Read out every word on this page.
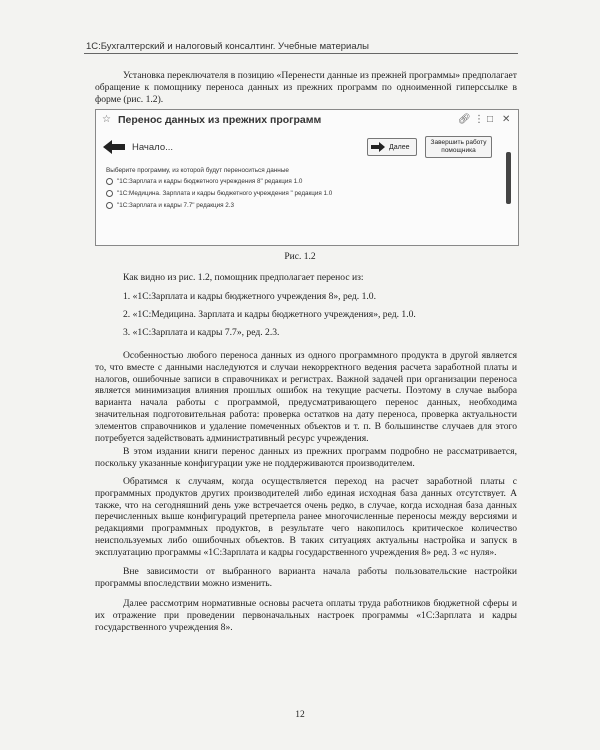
1С:Бухгалтерский и налоговый консалтинг. Учебные материалы

Установка переключателя в позицию «Перенести данные из прежней программы» предполагает обращение к помощнику переноса данных из прежних программ по одноименной гиперссылке в форме (рис. 1.2).

☆ Перенос данных из прежних программ	🔗︎ ⋮ □ ✕
Начало...	Далее
Завершить работу помощника
Выберите программу, из которой будут переноситься данные
"1С:Зарплата и кадры бюджетного учреждения 8" редакция 1.0
"1С:Медицина. Зарплата и кадры бюджетного учреждения " редакция 1.0
"1С:Зарплата и кадры 7.7" редакция 2.3
Рис. 1.2

Как видно из рис. 1.2, помощник предполагает перенос из:

1. «1С:Зарплата и кадры бюджетного учреждения 8», ред. 1.0.

2. «1С:Медицина. Зарплата и кадры бюджетного учреждения», ред. 1.0.

3. «1С:Зарплата и кадры 7.7», ред. 2.3.

Особенностью любого переноса данных из одного программного продукта в другой является то, что вместе с данными наследуются и случаи некорректного ведения расчета заработной платы и налогов, ошибочные записи в справочниках и регистрах. Важной задачей при организации переноса является минимизация влияния прошлых ошибок на текущие расчеты. Поэтому в случае выбора варианта начала работы с программой, предусматривающего перенос данных, необходима значительная подготовительная работа: проверка остатков на дату переноса, проверка актуальности элементов справочников и удаление помеченных объектов и т. п. В большинстве случаев для этого потребуется задействовать административный ресурс учреждения.

В этом издании книги перенос данных из прежних программ подробно не рассматривается, поскольку указанные конфигурации уже не поддерживаются производителем.

Обратимся к случаям, когда осуществляется переход на расчет заработной платы с программных продуктов других производителей либо единая исходная база данных отсутствует. А также, что на сегодняшний день уже встречается очень редко, в случае, когда исходная база данных перечисленных выше конфигураций претерпела ранее многочисленные переносы между версиями и редакциями программных продуктов, в результате чего накопилось критическое количество неиспользуемых либо ошибочных объектов. В таких ситуациях актуальны настройка и запуск в эксплуатацию программы «1С:Зарплата и кадры государственного учреждения 8» ред. 3 «с нуля».

Вне зависимости от выбранного варианта начала работы пользовательские настройки программы впоследствии можно изменить.

Далее рассмотрим нормативные основы расчета оплаты труда работников бюджетной сферы и их отражение при проведении первоначальных настроек программы «1С:Зарплата и кадры государственного учреждения 8».

12
